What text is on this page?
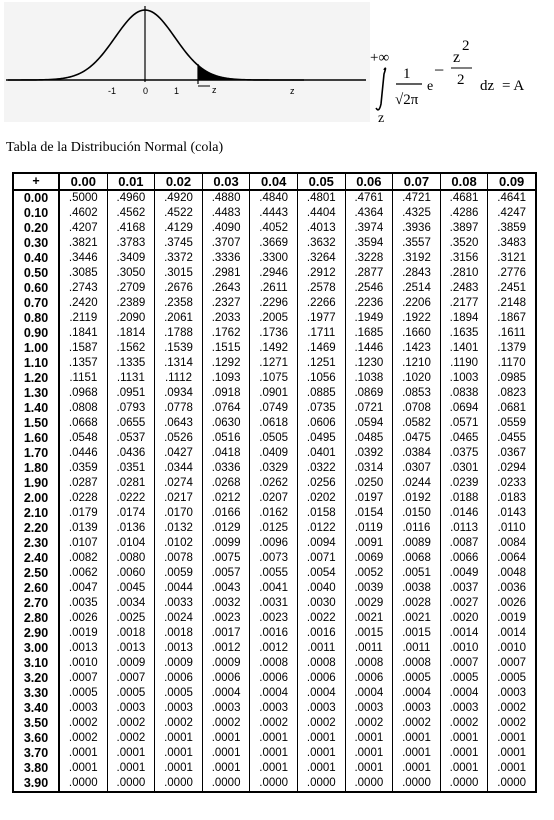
-1	0	1	z	z
+∞
z
1
√2π
e
−
z
2
2 dz = A
Tabla de la Distribución Normal (cola)
+	0.00	0.01	0.02	0.03	0.04	0.05	0.06	0.07	0.08	0.09
0.00	.5000	.4960	.4920	.4880	.4840	.4801	.4761	.4721	.4681	.4641
0.10	.4602	.4562	.4522	.4483	.4443	.4404	.4364	.4325	.4286	.4247
0.20	.4207	.4168	.4129	.4090	.4052	.4013	.3974	.3936	.3897	.3859
0.30	.3821	.3783	.3745	.3707	.3669	.3632	.3594	.3557	.3520	.3483
0.40	.3446	.3409	.3372	.3336	.3300	.3264	.3228	.3192	.3156	.3121
0.50	.3085	.3050	.3015	.2981	.2946	.2912	.2877	.2843	.2810	.2776
0.60	.2743	.2709	.2676	.2643	.2611	.2578	.2546	.2514	.2483	.2451
0.70	.2420	.2389	.2358	.2327	.2296	.2266	.2236	.2206	.2177	.2148
0.80	.2119	.2090	.2061	.2033	.2005	.1977	.1949	.1922	.1894	.1867
0.90	.1841	.1814	.1788	.1762	.1736	.1711	.1685	.1660	.1635	.1611
1.00	.1587	.1562	.1539	.1515	.1492	.1469	.1446	.1423	.1401	.1379
1.10	.1357	.1335	.1314	.1292	.1271	.1251	.1230	.1210	.1190	.1170
1.20	.1151	.1131	.1112	.1093	.1075	.1056	.1038	.1020	.1003	.0985
1.30	.0968	.0951	.0934	.0918	.0901	.0885	.0869	.0853	.0838	.0823
1.40	.0808	.0793	.0778	.0764	.0749	.0735	.0721	.0708	.0694	.0681
1.50	.0668	.0655	.0643	.0630	.0618	.0606	.0594	.0582	.0571	.0559
1.60	.0548	.0537	.0526	.0516	.0505	.0495	.0485	.0475	.0465	.0455
1.70	.0446	.0436	.0427	.0418	.0409	.0401	.0392	.0384	.0375	.0367
1.80	.0359	.0351	.0344	.0336	.0329	.0322	.0314	.0307	.0301	.0294
1.90	.0287	.0281	.0274	.0268	.0262	.0256	.0250	.0244	.0239	.0233
2.00	.0228	.0222	.0217	.0212	.0207	.0202	.0197	.0192	.0188	.0183
2.10	.0179	.0174	.0170	.0166	.0162	.0158	.0154	.0150	.0146	.0143
2.20	.0139	.0136	.0132	.0129	.0125	.0122	.0119	.0116	.0113	.0110
2.30	.0107	.0104	.0102	.0099	.0096	.0094	.0091	.0089	.0087	.0084
2.40	.0082	.0080	.0078	.0075	.0073	.0071	.0069	.0068	.0066	.0064
2.50	.0062	.0060	.0059	.0057	.0055	.0054	.0052	.0051	.0049	.0048
2.60	.0047	.0045	.0044	.0043	.0041	.0040	.0039	.0038	.0037	.0036
2.70	.0035	.0034	.0033	.0032	.0031	.0030	.0029	.0028	.0027	.0026
2.80	.0026	.0025	.0024	.0023	.0023	.0022	.0021	.0021	.0020	.0019
2.90	.0019	.0018	.0018	.0017	.0016	.0016	.0015	.0015	.0014	.0014
3.00	.0013	.0013	.0013	.0012	.0012	.0011	.0011	.0011	.0010	.0010
3.10	.0010	.0009	.0009	.0009	.0008	.0008	.0008	.0008	.0007	.0007
3.20	.0007	.0007	.0006	.0006	.0006	.0006	.0006	.0005	.0005	.0005
3.30	.0005	.0005	.0005	.0004	.0004	.0004	.0004	.0004	.0004	.0003
3.40	.0003	.0003	.0003	.0003	.0003	.0003	.0003	.0003	.0003	.0002
3.50	.0002	.0002	.0002	.0002	.0002	.0002	.0002	.0002	.0002	.0002
3.60	.0002	.0002	.0001	.0001	.0001	.0001	.0001	.0001	.0001	.0001
3.70	.0001	.0001	.0001	.0001	.0001	.0001	.0001	.0001	.0001	.0001
3.80	.0001	.0001	.0001	.0001	.0001	.0001	.0001	.0001	.0001	.0001
3.90	.0000	.0000	.0000	.0000	.0000	.0000	.0000	.0000	.0000	.0000
